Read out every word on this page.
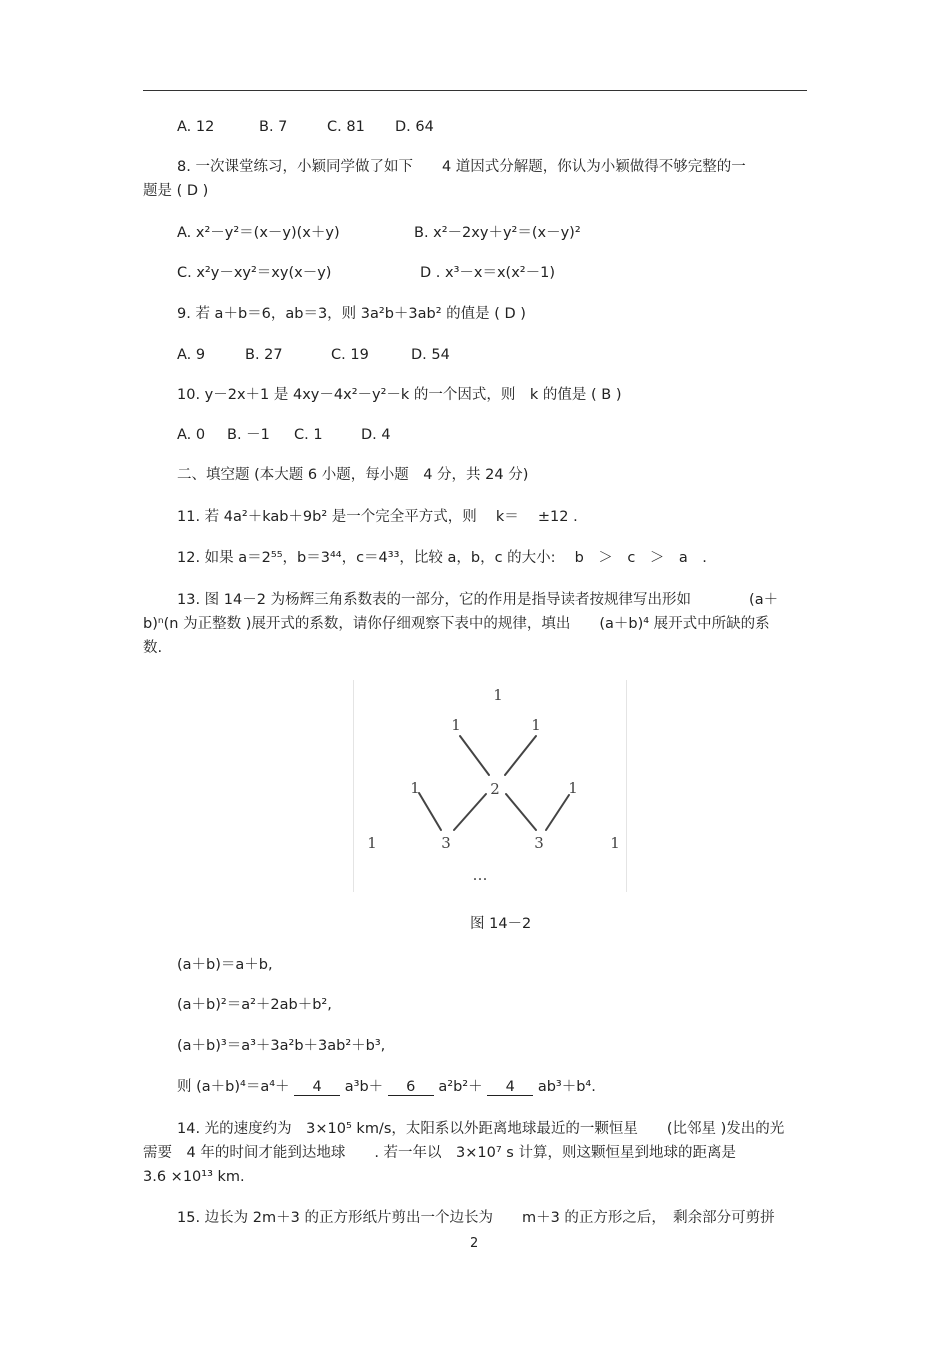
A. 12	B. 7	C. 81 D. 64
8. 一次课堂练习，小颖同学做了如下　　4 道因式分解题，你认为小颖做得不够完整的一
题是 ( D )
A. x²－y²＝(x－y)(x＋y)	B. x²－2xy＋y²＝(x－y)²
C. x²y－xy²＝xy(x－y)	D . x³－x＝x(x²－1)
9. 若 a＋b＝6，ab＝3，则 3a²b＋3ab² 的值是 ( D )
A. 9	B. 27	C. 19	D. 54
10. y－2x＋1 是 4xy－4x²－y²－k 的一个因式，则　k 的值是 ( B )
A. 0 B. －1 C. 1	D. 4
二、填空题 (本大题 6 小题，每小题　4 分，共 24 分)
11. 若 4a²＋kab＋9b² 是一个完全平方式，则　 k＝　 ±12 .
12. 如果 a＝2⁵⁵，b＝3⁴⁴，c＝4³³，比较 a，b，c 的大小:　 b　＞　c　＞　a　.
13. 图 14－2 为杨辉三角系数表的一部分，它的作用是指导读者按规律写出形如　　　　(a＋
b)ⁿ(n 为正整数 )展开式的系数，请你仔细观察下表中的规律，填出　　(a＋b)⁴ 展开式中所缺的系
数.
1
1	1
1	2	1
1	3	3	1
…
图 14－2
(a＋b)＝a＋b,
(a＋b)²＝a²＋2ab＋b²,
(a＋b)³＝a³＋3a²b＋3ab²＋b³,
则 (a＋b)⁴＝a⁴＋ 4 a³b＋ 6 a²b²＋ 4 ab³＋b⁴.
14. 光的速度约为　3×10⁵ km/s，太阳系以外距离地球最近的一颗恒星　　(比邻星 )发出的光
需要　4 年的时间才能到达地球　　. 若一年以　3×10⁷ s 计算，则这颗恒星到地球的距离是
3.6 ×10¹³ km.
15. 边长为 2m＋3 的正方形纸片剪出一个边长为　　m＋3 的正方形之后，　剩余部分可剪拼
2
